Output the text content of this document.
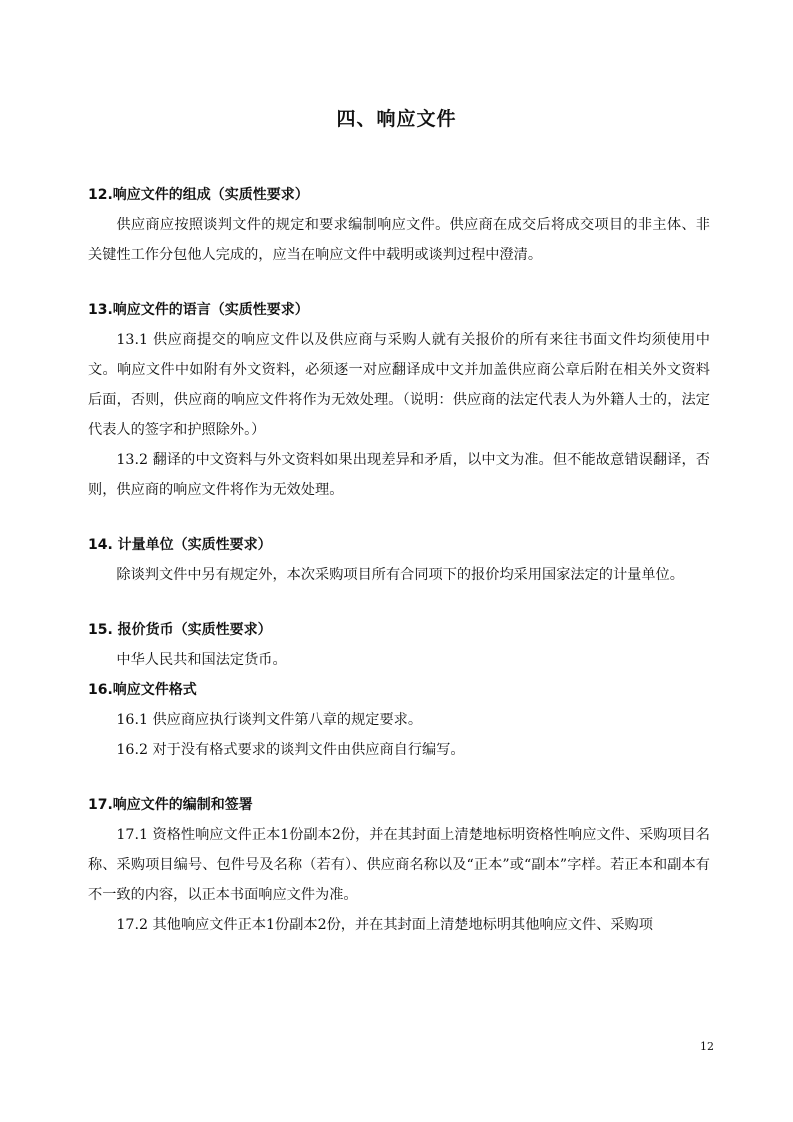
四、响应文件

12.响应文件的组成（实质性要求）

供应商应按照谈判文件的规定和要求编制响应文件。供应商在成交后将成交项目的非主体、非关键性工作分包他人完成的，应当在响应文件中载明或谈判过程中澄清。

13.响应文件的语言（实质性要求）

13.1 供应商提交的响应文件以及供应商与采购人就有关报价的所有来往书面文件均须使用中文。响应文件中如附有外文资料，必须逐一对应翻译成中文并加盖供应商公章后附在相关外文资料后面，否则，供应商的响应文件将作为无效处理。（说明：供应商的法定代表人为外籍人士的，法定代表人的签字和护照除外。）

13.2 翻译的中文资料与外文资料如果出现差异和矛盾，以中文为准。但不能故意错误翻译，否则，供应商的响应文件将作为无效处理。

14. 计量单位（实质性要求）

除谈判文件中另有规定外，本次采购项目所有合同项下的报价均采用国家法定的计量单位。

15. 报价货币（实质性要求）

中华人民共和国法定货币。

16.响应文件格式

16.1 供应商应执行谈判文件第八章的规定要求。

16.2 对于没有格式要求的谈判文件由供应商自行编写。

17.响应文件的编制和签署

17.1 资格性响应文件正本1份副本2份，并在其封面上清楚地标明资格性响应文件、采购项目名称、采购项目编号、包件号及名称（若有）、供应商名称以及“正本”或“副本”字样。若正本和副本有不一致的内容，以正本书面响应文件为准。

17.2 其他响应文件正本1份副本2份，并在其封面上清楚地标明其他响应文件、采购项

12
